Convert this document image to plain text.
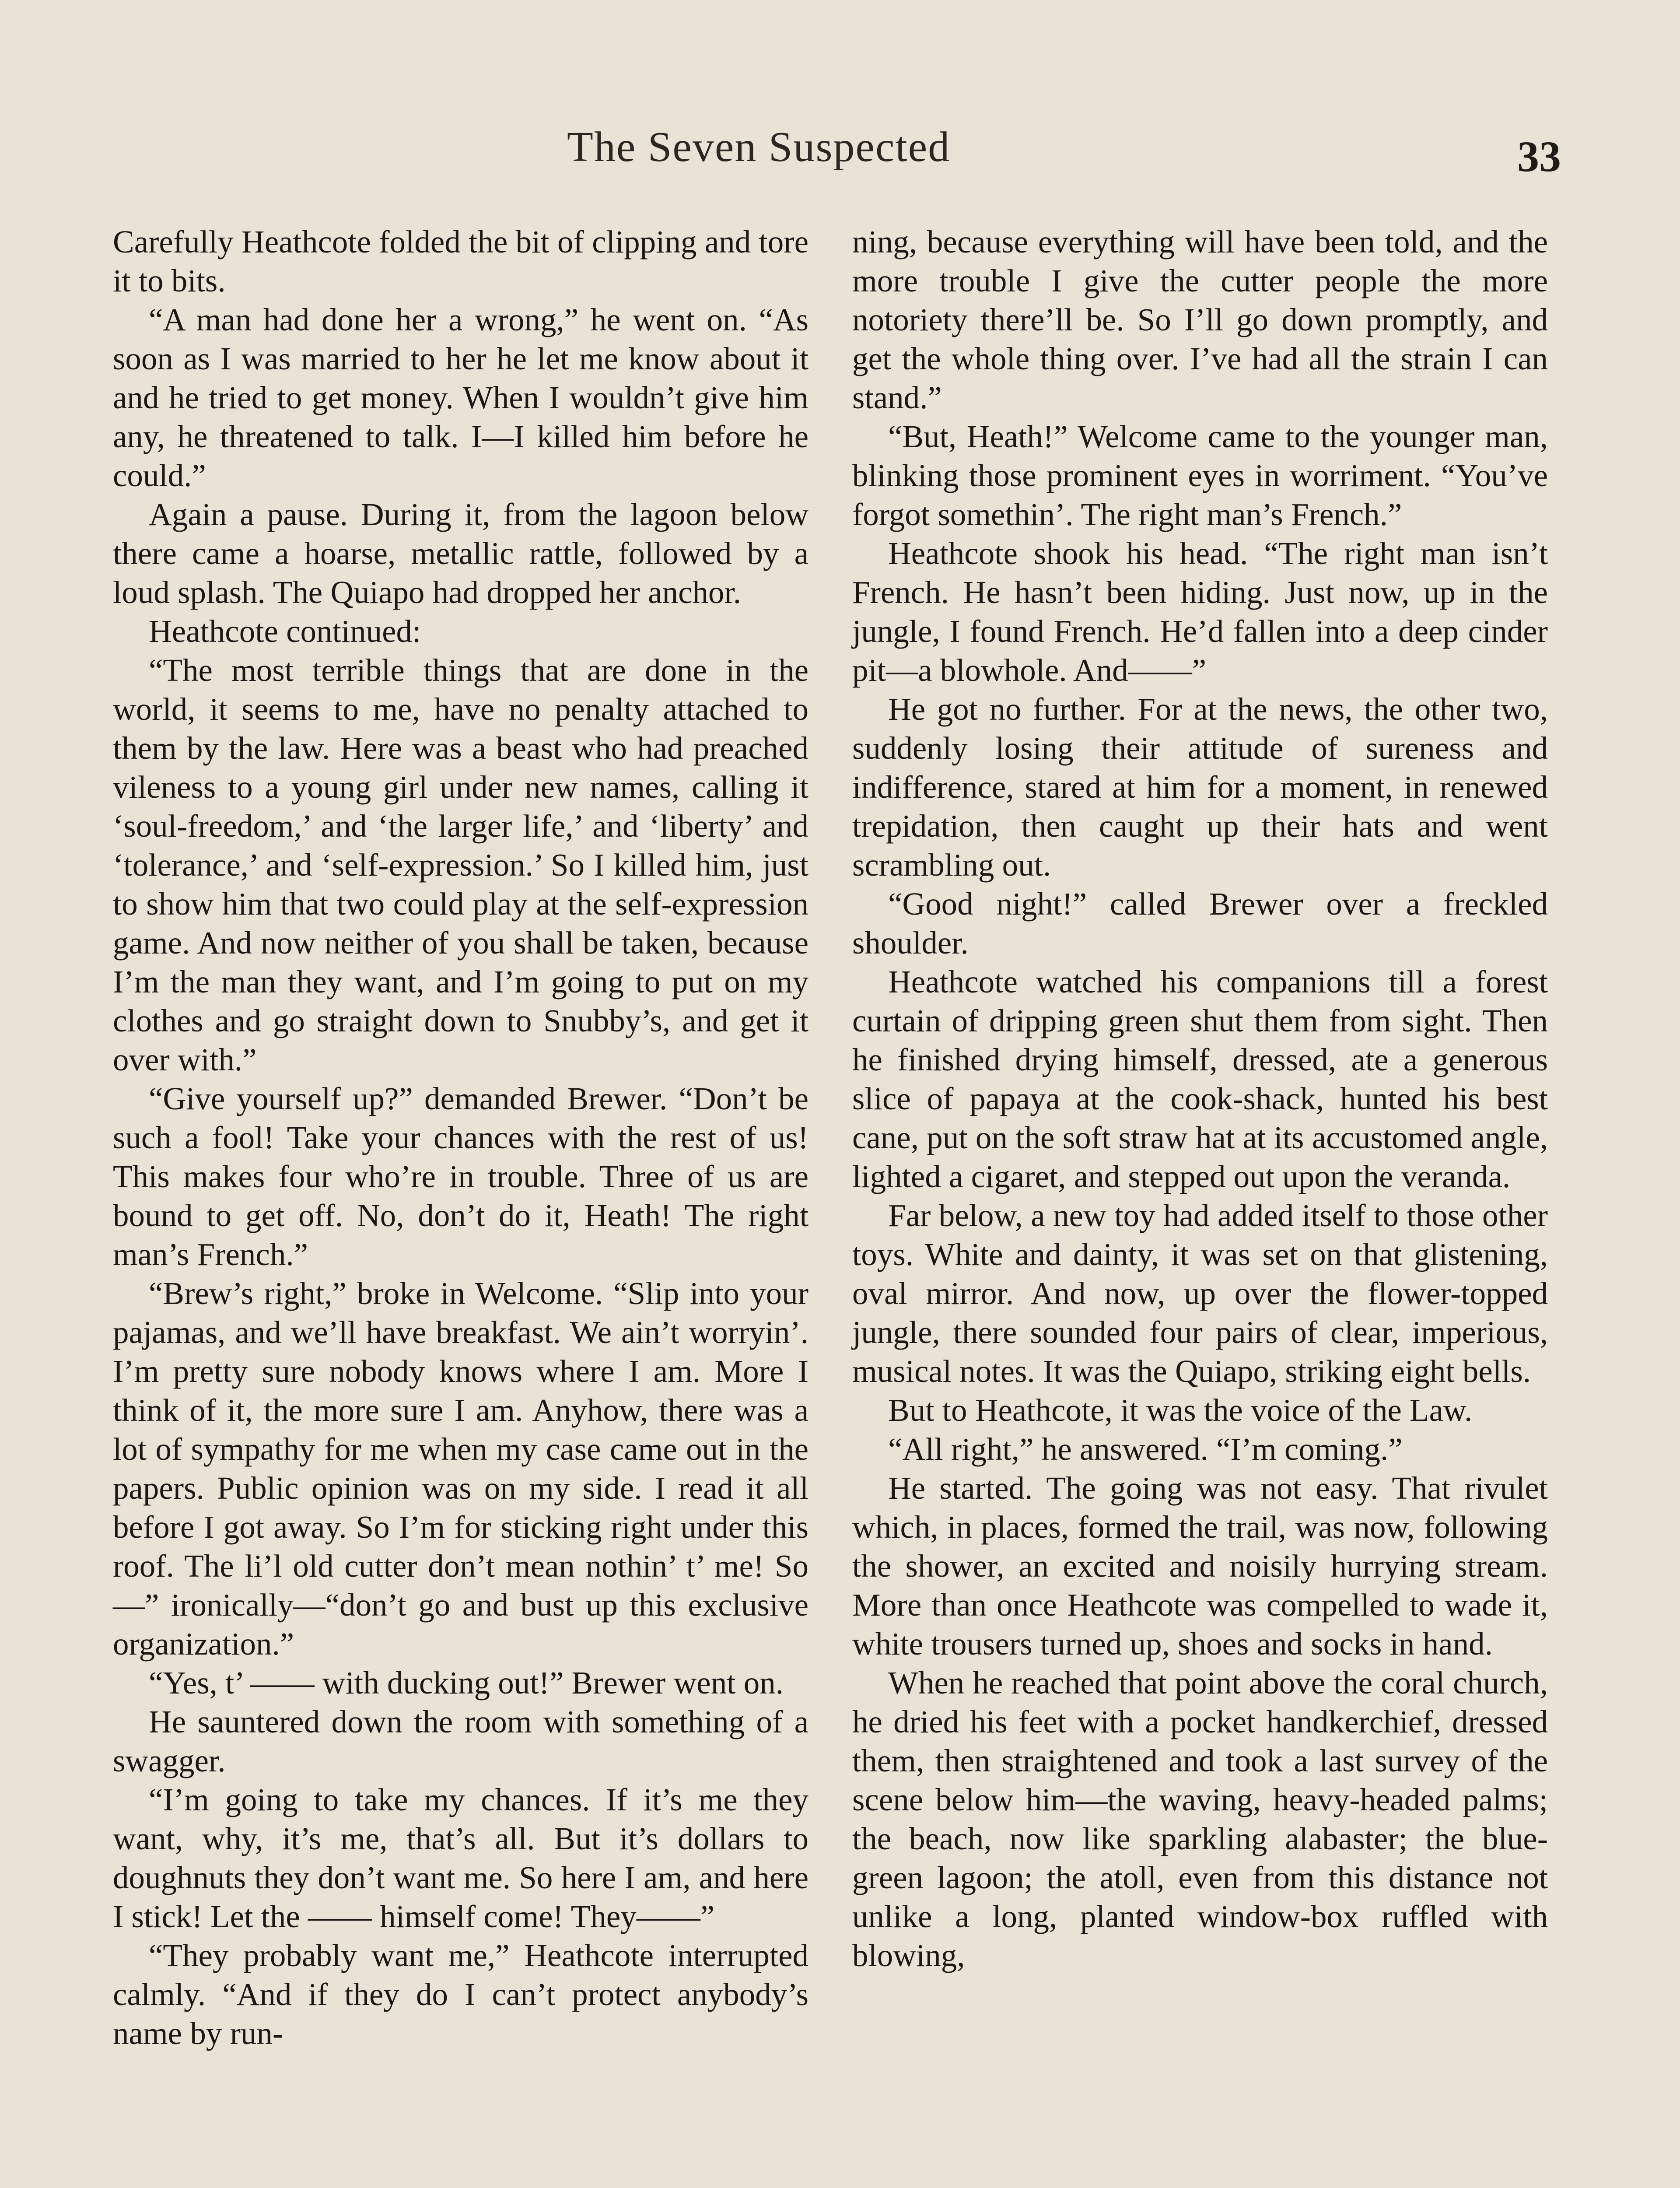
The Seven Suspected	33

Carefully Heathcote folded the bit of clipping and tore it to bits.

“A man had done her a wrong,” he went on. “As soon as I was married to her he let me know about it and he tried to get money. When I wouldn’t give him any, he threatened to talk. I—I killed him before he could.”

Again a pause. During it, from the lagoon below there came a hoarse, metallic rattle, followed by a loud splash. The Quiapo had dropped her anchor.

Heathcote continued:

“The most terrible things that are done in the world, it seems to me, have no penalty attached to them by the law. Here was a beast who had preached vileness to a young girl under new names, calling it ‘soul-freedom,’ and ‘the larger life,’ and ‘liberty’ and ‘tolerance,’ and ‘self-expression.’ So I killed him, just to show him that two could play at the self-expression game. And now neither of you shall be taken, because I’m the man they want, and I’m going to put on my clothes and go straight down to Snubby’s, and get it over with.”

“Give yourself up?” demanded Brewer. “Don’t be such a fool! Take your chances with the rest of us! This makes four who’re in trouble. Three of us are bound to get off. No, don’t do it, Heath! The right man’s French.”

“Brew’s right,” broke in Welcome. “Slip into your pajamas, and we’ll have breakfast. We ain’t worryin’. I’m pretty sure nobody knows where I am. More I think of it, the more sure I am. Anyhow, there was a lot of sympathy for me when my case came out in the papers. Public opinion was on my side. I read it all before I got away. So I’m for sticking right under this roof. The li’l old cutter don’t mean nothin’ t’ me! So—” ironically—“don’t go and bust up this exclusive organization.”

“Yes, t’ —— with ducking out!” Brewer went on.

He sauntered down the room with something of a swagger.

“I’m going to take my chances. If it’s me they want, why, it’s me, that’s all. But it’s dollars to doughnuts they don’t want me. So here I am, and here I stick! Let the —— himself come! They——”

“They probably want me,” Heathcote interrupted calmly. “And if they do I can’t protect anybody’s name by run-

ning, because everything will have been told, and the more trouble I give the cutter people the more notoriety there’ll be. So I’ll go down promptly, and get the whole thing over. I’ve had all the strain I can stand.”

“But, Heath!” Welcome came to the younger man, blinking those prominent eyes in worriment. “You’ve forgot somethin’. The right man’s French.”

Heathcote shook his head. “The right man isn’t French. He hasn’t been hiding. Just now, up in the jungle, I found French. He’d fallen into a deep cinder pit—a blowhole. And——”

He got no further. For at the news, the other two, suddenly losing their attitude of sureness and indifference, stared at him for a moment, in renewed trepidation, then caught up their hats and went scrambling out.

“Good night!” called Brewer over a freckled shoulder.

Heathcote watched his companions till a forest curtain of dripping green shut them from sight. Then he finished drying himself, dressed, ate a generous slice of papaya at the cook-shack, hunted his best cane, put on the soft straw hat at its accustomed angle, lighted a cigaret, and stepped out upon the veranda.

Far below, a new toy had added itself to those other toys. White and dainty, it was set on that glistening, oval mirror. And now, up over the flower-topped jungle, there sounded four pairs of clear, imperious, musical notes. It was the Quiapo, striking eight bells.

But to Heathcote, it was the voice of the Law.

“All right,” he answered. “I’m coming.”

He started. The going was not easy. That rivulet which, in places, formed the trail, was now, following the shower, an excited and noisily hurrying stream. More than once Heathcote was compelled to wade it, white trousers turned up, shoes and socks in hand.

When he reached that point above the coral church, he dried his feet with a pocket handkerchief, dressed them, then straightened and took a last survey of the scene below him—the waving, heavy-headed palms; the beach, now like sparkling alabaster; the blue-green lagoon; the atoll, even from this distance not unlike a long, planted window-box ruffled with blowing,
